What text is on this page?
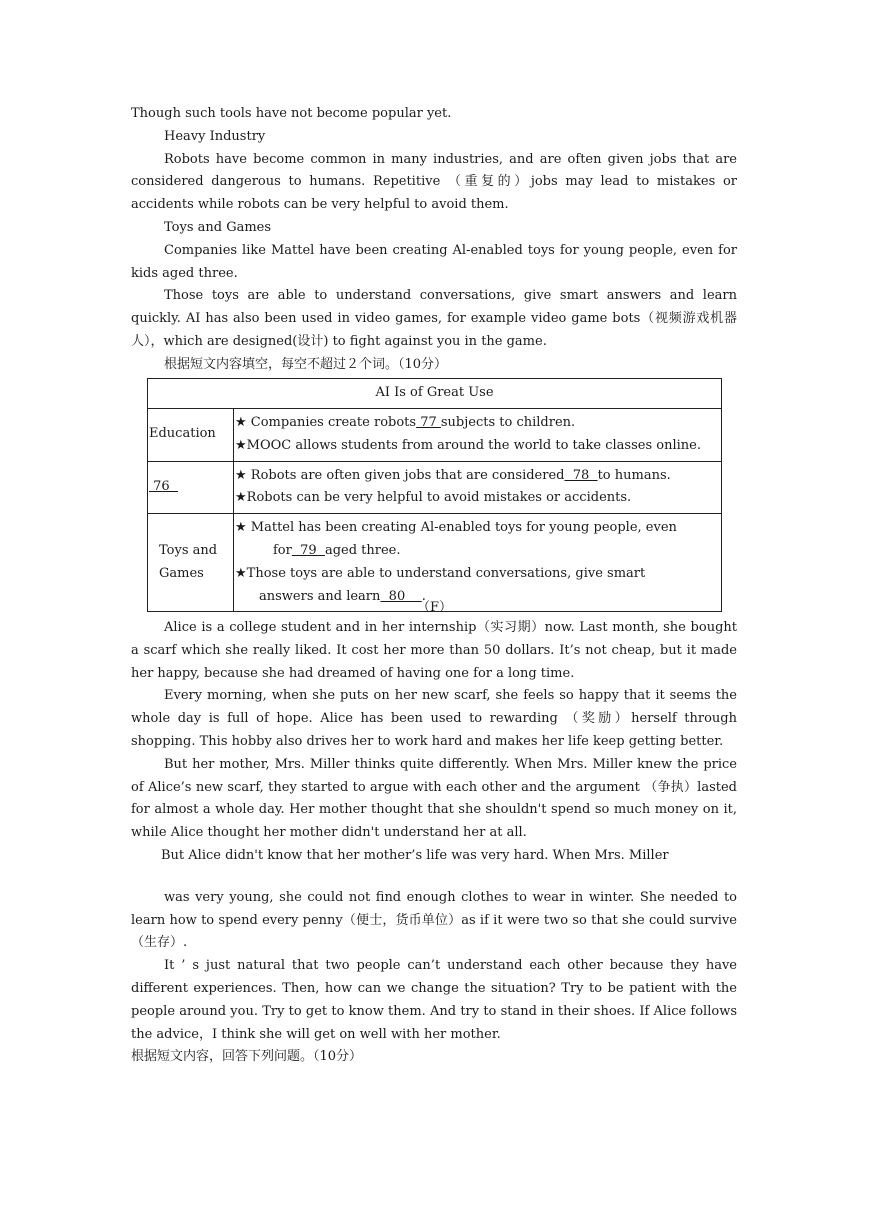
Though such tools have not become popular yet.

Heavy Industry

Robots have become common in many industries, and are often given jobs that are considered dangerous to humans. Repetitive （重复的）jobs may lead to mistakes or accidents while robots can be very helpful to avoid them.

Toys and Games

Companies like Mattel have been creating Al-enabled toys for young people, even for kids aged three.

Those toys are able to understand conversations, give smart answers and learn quickly. AI has also been used in video games, for example video game bots（视频游戏机器人），which are designed(设计) to fight against you in the game.

根据短文内容填空，每空不超过２个词。（10分）

AI Is of Great Use	
Education	★ Companies create robots 77 subjects to children.
★MOOC allows students from around the world to take classes online.

76	★ Robots are often given jobs that are considered  78  to humans.
★Robots can be very helpful to avoid mistakes or accidents.

Toys and Games	★ Mattel has been creating Al-enabled toys for young people, even
for  79  aged three.
★Those toys are able to understand conversations, give smart
answers and learn  80    .
（F）

Alice is a college student and in her internship（实习期）now. Last month, she bought a scarf which she really liked. It cost her more than 50 dollars. It’s not cheap, but it made her happy, because she had dreamed of having one for a long time.

Every morning, when she puts on her new scarf, she feels so happy that it seems the whole day is full of hope. Alice has been used to rewarding （奖励）herself through shopping. This hobby also drives her to work hard and makes her life keep getting better.

But her mother, Mrs. Miller thinks quite differently. When Mrs. Miller knew the price of Alice’s new scarf, they started to argue with each other and the argument （争执）lasted for almost a whole day. Her mother thought that she shouldn't spend so much money on it, while Alice thought her mother didn't understand her at all.

But Alice didn't know that her mother’s life was very hard. When Mrs. Miller

was very young, she could not find enough clothes to wear in winter. She needed to learn how to spend every penny（便士，货币单位）as if it were two so that she could survive（生存）.

It ’ s just natural that two people can’t understand each other because they have different experiences. Then, how can we change the situation? Try to be patient with the people around you. Try to get to know them. And try to stand in their shoes. If Alice follows the advice，I think she will get on well with her mother.

根据短文内容，回答下列问题。（10分）
